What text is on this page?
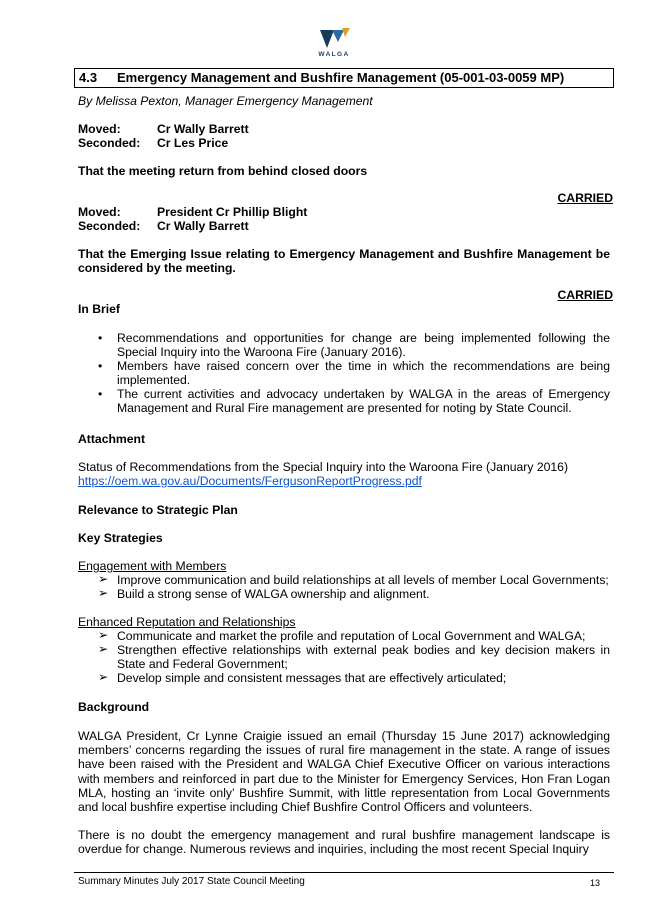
WALGA
4.3 Emergency Management and Bushfire Management (05-001-03-0059 MP)
By Melissa Pexton, Manager Emergency Management
Moved:	Cr Wally Barrett
Seconded: Cr Les Price
That the meeting return from behind closed doors
CARRIED
Moved:	President Cr Phillip Blight
Seconded: Cr Wally Barrett
That the Emerging Issue relating to Emergency Management and Bushfire Management be considered by the meeting.
CARRIED
In Brief
• Recommendations and opportunities for change are being implemented following the Special Inquiry into the Waroona Fire (January 2016).
• Members have raised concern over the time in which the recommendations are being implemented.
• The current activities and advocacy undertaken by WALGA in the areas of Emergency Management and Rural Fire management are presented for noting by State Council.
Attachment
Status of Recommendations from the Special Inquiry into the Waroona Fire (January 2016)
https://oem.wa.gov.au/Documents/FergusonReportProgress.pdf
Relevance to Strategic Plan
Key Strategies
Engagement with Members
➢ Improve communication and build relationships at all levels of member Local Governments;
➢ Build a strong sense of WALGA ownership and alignment.
Enhanced Reputation and Relationships
➢ Communicate and market the profile and reputation of Local Government and WALGA;
➢ Strengthen effective relationships with external peak bodies and key decision makers in State and Federal Government;
➢ Develop simple and consistent messages that are effectively articulated;
Background
WALGA President, Cr Lynne Craigie issued an email (Thursday 15 June 2017) acknowledging members’ concerns regarding the issues of rural fire management in the state. A range of issues have been raised with the President and WALGA Chief Executive Officer on various interactions with members and reinforced in part due to the Minister for Emergency Services, Hon Fran Logan MLA, hosting an ‘invite only’ Bushfire Summit, with little representation from Local Governments and local bushfire expertise including Chief Bushfire Control Officers and volunteers.
There is no doubt the emergency management and rural bushfire management landscape is overdue for change. Numerous reviews and inquiries, including the most recent Special Inquiry
Summary Minutes July 2017 State Council Meeting	13
